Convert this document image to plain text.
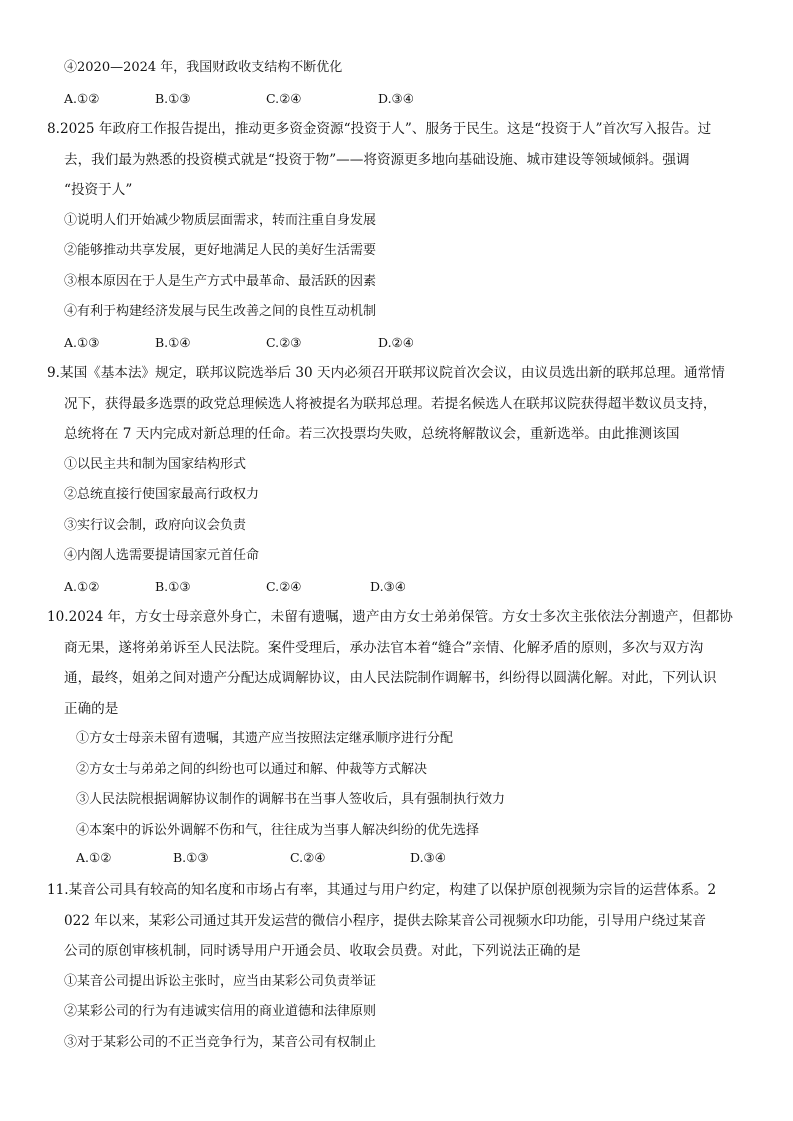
④2020—2024 年，我国财政收支结构不断优化
A.①②	B.①③	C.②④	D.③④
8.2025 年政府工作报告提出，推动更多资金资源“投资于人”、服务于民生。这是“投资于人”首次写入报告。过
去，我们最为熟悉的投资模式就是“投资于物”——将资源更多地向基础设施、城市建设等领域倾斜。强调
“投资于人”
①说明人们开始减少物质层面需求，转而注重自身发展
②能够推动共享发展，更好地满足人民的美好生活需要
③根本原因在于人是生产方式中最革命、最活跃的因素
④有利于构建经济发展与民生改善之间的良性互动机制
A.①③	B.①④	C.②③	D.②④
9.某国《基本法》规定，联邦议院选举后 30 天内必须召开联邦议院首次会议，由议员选出新的联邦总理。通常情
况下，获得最多选票的政党总理候选人将被提名为联邦总理。若提名候选人在联邦议院获得超半数议员支持，
总统将在 7 天内完成对新总理的任命。若三次投票均失败，总统将解散议会，重新选举。由此推测该国
①以民主共和制为国家结构形式
②总统直接行使国家最高行政权力
③实行议会制，政府向议会负责
④内阁人选需要提请国家元首任命
A.①②	B.①③	C.②④	D.③④
10.2024 年，方女士母亲意外身亡，未留有遗嘱，遗产由方女士弟弟保管。方女士多次主张依法分割遗产，但都协
商无果，遂将弟弟诉至人民法院。案件受理后，承办法官本着“缝合”亲情、化解矛盾的原则，多次与双方沟
通，最终，姐弟之间对遗产分配达成调解协议，由人民法院制作调解书，纠纷得以圆满化解。对此，下列认识
正确的是
①方女士母亲未留有遗嘱，其遗产应当按照法定继承顺序进行分配
②方女士与弟弟之间的纠纷也可以通过和解、仲裁等方式解决
③人民法院根据调解协议制作的调解书在当事人签收后，具有强制执行效力
④本案中的诉讼外调解不伤和气，往往成为当事人解决纠纷的优先选择
A.①②	B.①③	C.②④	D.③④
11.某音公司具有较高的知名度和市场占有率，其通过与用户约定，构建了以保护原创视频为宗旨的运营体系。2
022 年以来，某彩公司通过其开发运营的微信小程序，提供去除某音公司视频水印功能，引导用户绕过某音
公司的原创审核机制，同时诱导用户开通会员、收取会员费。对此，下列说法正确的是
①某音公司提出诉讼主张时，应当由某彩公司负责举证
②某彩公司的行为有违诚实信用的商业道德和法律原则
③对于某彩公司的不正当竞争行为，某音公司有权制止
